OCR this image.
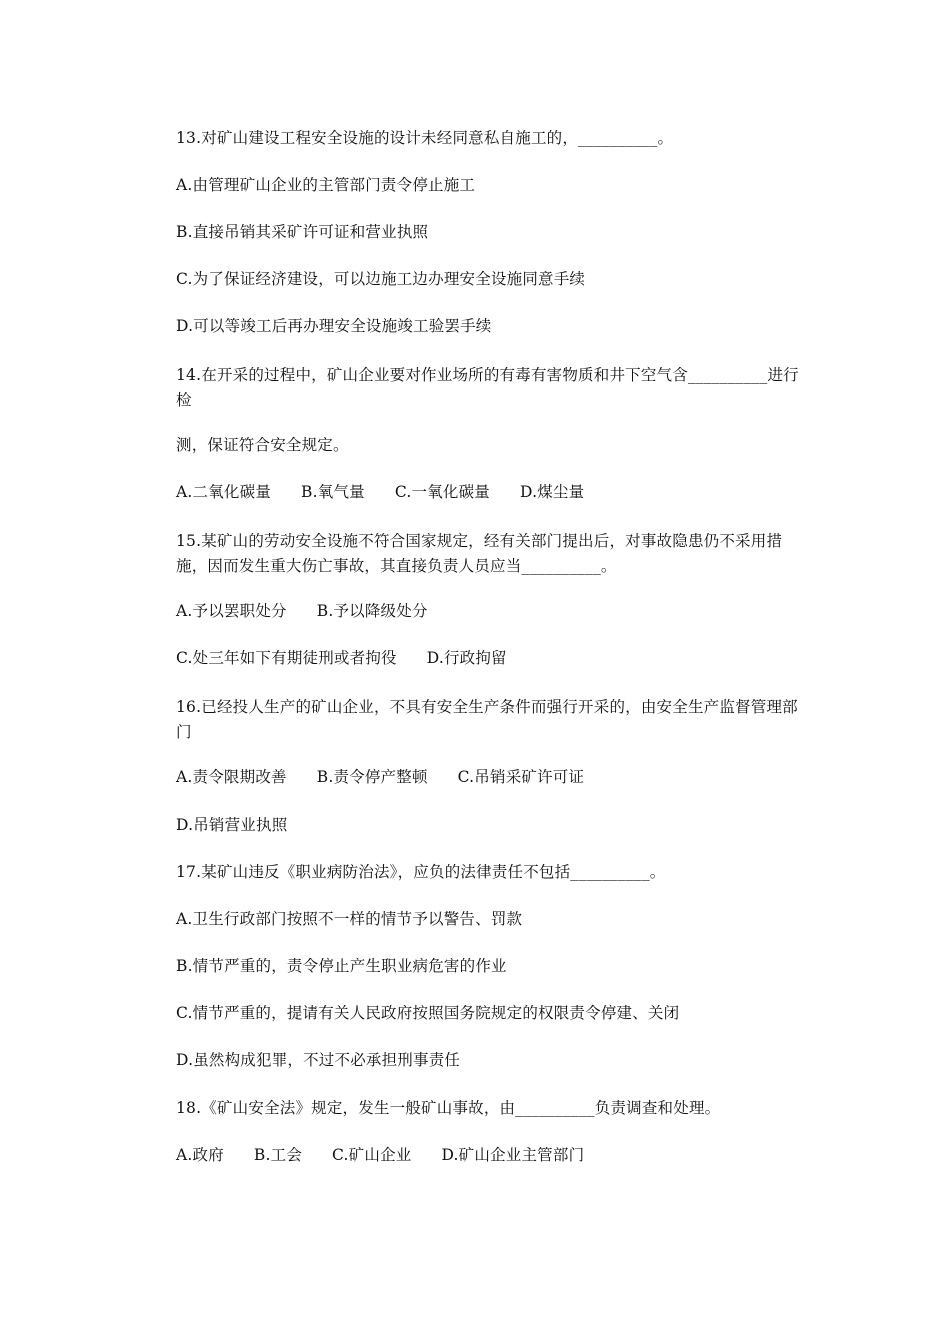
13.对矿山建设工程安全设施的设计未经同意私自施工的，__________。
A.由管理矿山企业的主管部门责令停止施工
B.直接吊销其采矿许可证和营业执照
C.为了保证经济建设，可以边施工边办理安全设施同意手续
D.可以等竣工后再办理安全设施竣工验罢手续
14.在开采的过程中，矿山企业要对作业场所的有毒有害物质和井下空气含__________进行检
测，保证符合安全规定。
A.二氧化碳量 B.氧气量 C.一氧化碳量 D.煤尘量
15.某矿山的劳动安全设施不符合国家规定，经有关部门提出后，对事故隐患仍不采用措施，因而发生重大伤亡事故，其直接负责人员应当__________。
A.予以罢职处分 B.予以降级处分
C.处三年如下有期徒刑或者拘役 D.行政拘留
16.已经投人生产的矿山企业，不具有安全生产条件而强行开采的，由安全生产监督管理部门
A.责令限期改善 B.责令停产整顿 C.吊销采矿许可证
D.吊销营业执照
17.某矿山违反《职业病防治法》，应负的法律责任不包括__________。
A.卫生行政部门按照不一样的情节予以警告、罚款
B.情节严重的，责令停止产生职业病危害的作业
C.情节严重的，提请有关人民政府按照国务院规定的权限责令停建、关闭
D.虽然构成犯罪，不过不必承担刑事责任
18.《矿山安全法》规定，发生一般矿山事故，由__________负责调查和处理。
A.政府 B.工会 C.矿山企业 D.矿山企业主管部门
